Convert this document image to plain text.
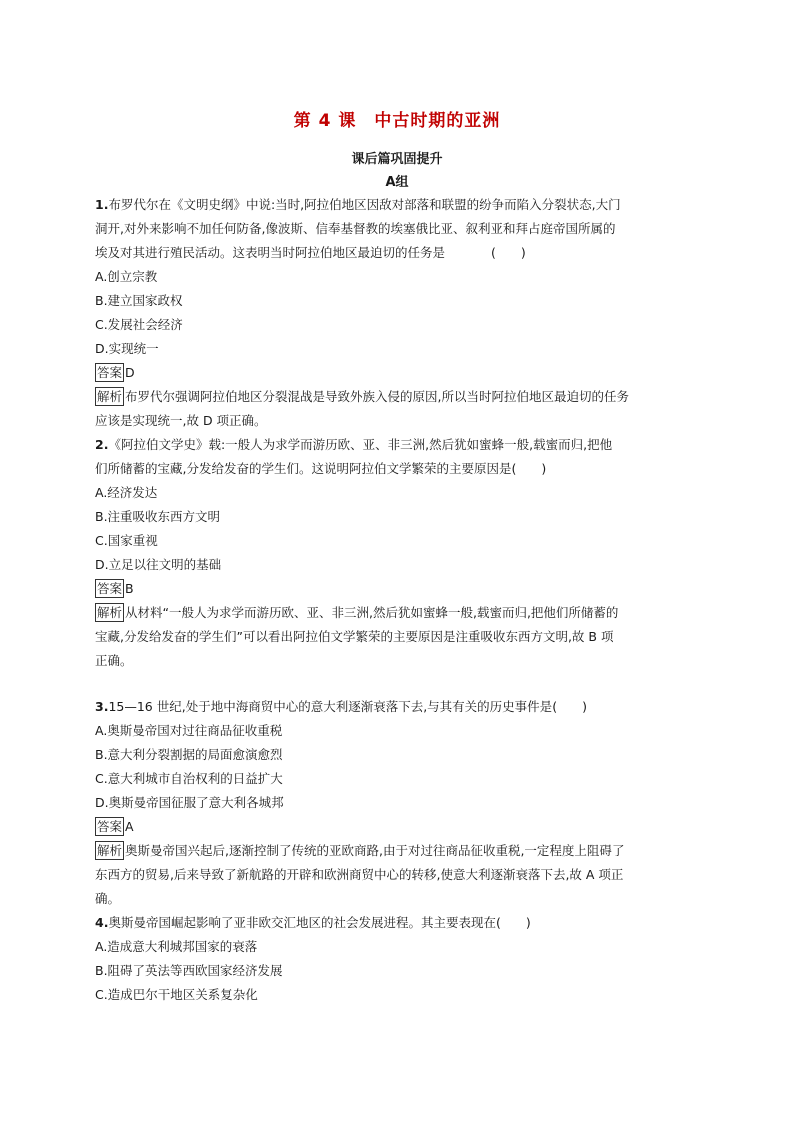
第 4 课　中古时期的亚洲
课后篇巩固提升
A组
1.布罗代尔在《文明史纲》中说:当时,阿拉伯地区因敌对部落和联盟的纷争而陷入分裂状态,大门
洞开,对外来影响不加任何防备,像波斯、信奉基督教的埃塞俄比亚、叙利亚和拜占庭帝国所属的
埃及对其进行殖民活动。这表明当时阿拉伯地区最迫切的任务是	(　　)
A.创立宗教
B.建立国家政权
C.发展社会经济
D.实现统一
答案 D
解析 布罗代尔强调阿拉伯地区分裂混战是导致外族入侵的原因,所以当时阿拉伯地区最迫切的任务
应该是实现统一,故 D 项正确。
2.《阿拉伯文学史》载:一般人为求学而游历欧、亚、非三洲,然后犹如蜜蜂一般,载蜜而归,把他
们所储蓄的宝藏,分发给发奋的学生们。这说明阿拉伯文学繁荣的主要原因是(　　)
A.经济发达
B.注重吸收东西方文明
C.国家重视
D.立足以往文明的基础
答案 B
解析 从材料“一般人为求学而游历欧、亚、非三洲,然后犹如蜜蜂一般,载蜜而归,把他们所储蓄的
宝藏,分发给发奋的学生们”可以看出阿拉伯文学繁荣的主要原因是注重吸收东西方文明,故 B 项
正确。
3.15—16 世纪,处于地中海商贸中心的意大利逐渐衰落下去,与其有关的历史事件是(　　)
A.奥斯曼帝国对过往商品征收重税
B.意大利分裂割据的局面愈演愈烈
C.意大利城市自治权利的日益扩大
D.奥斯曼帝国征服了意大利各城邦
答案 A
解析 奥斯曼帝国兴起后,逐渐控制了传统的亚欧商路,由于对过往商品征收重税,一定程度上阻碍了
东西方的贸易,后来导致了新航路的开辟和欧洲商贸中心的转移,使意大利逐渐衰落下去,故 A 项正
确。
4.奥斯曼帝国崛起影响了亚非欧交汇地区的社会发展进程。其主要表现在(　　)
A.造成意大利城邦国家的衰落
B.阻碍了英法等西欧国家经济发展
C.造成巴尔干地区关系复杂化
